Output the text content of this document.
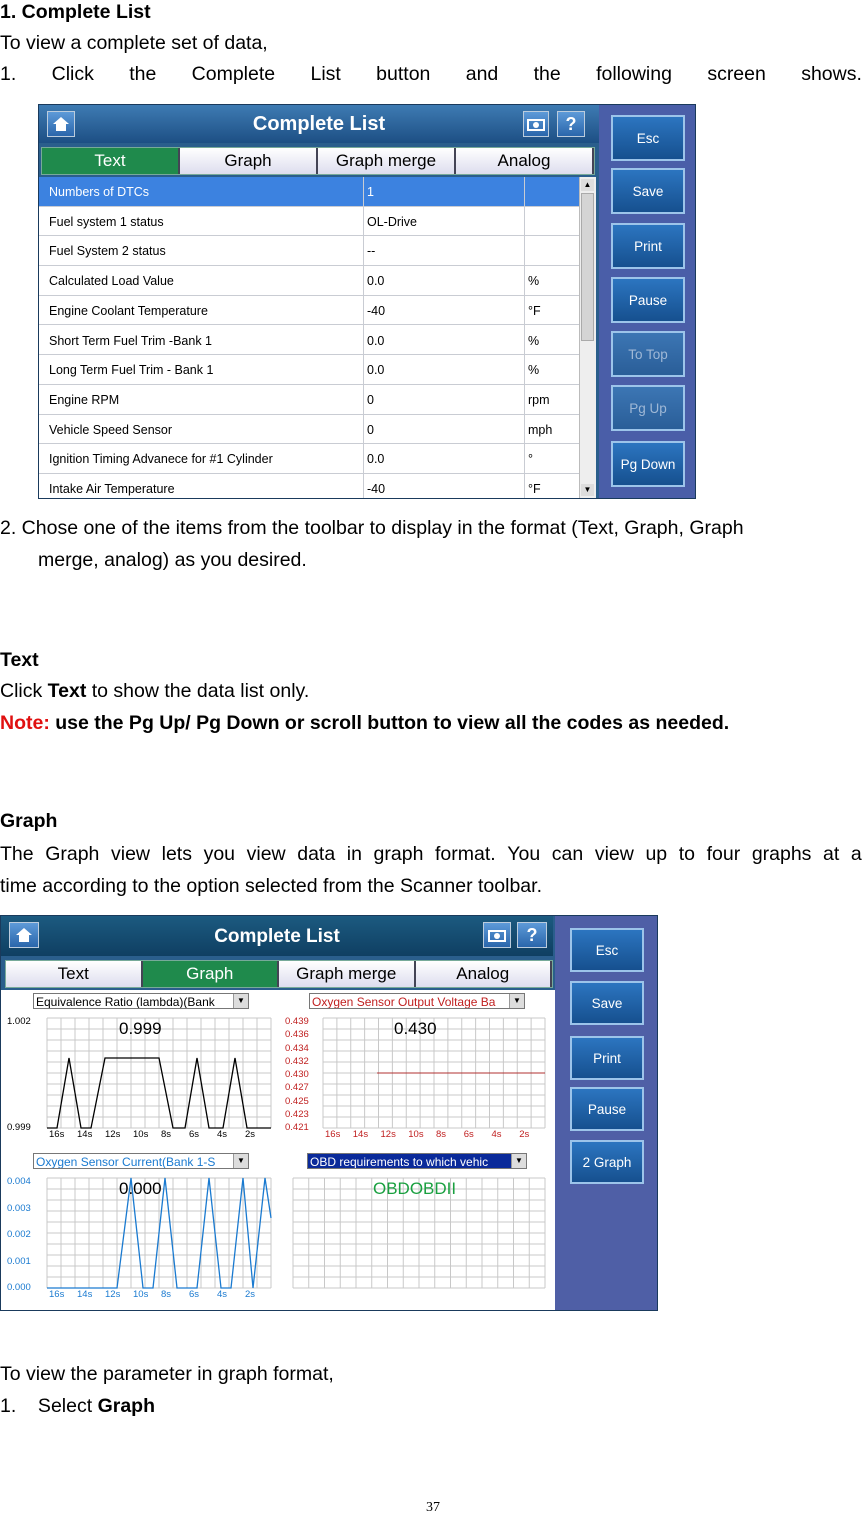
1. Complete List
To view a complete set of data,
1. Click the Complete List button and the following screen shows.
Complete List	?
Text	Graph	Graph merge	Analog
Numbers of DTCs	1
Fuel system 1 status	OL-Drive
Fuel System 2 status	--
Calculated Load Value	0.0	%
Engine Coolant Temperature	-40	°F
Short Term Fuel Trim -Bank 1	0.0	%
Long Term Fuel Trim - Bank 1	0.0	%
Engine RPM	0	rpm
Vehicle Speed Sensor	0	mph
Ignition Timing Advanece for #1 Cylinder	0.0	°
Intake Air Temperature	-40	°F
▲
▼
Esc
Save
Print
Pause
To Top
Pg Up
Pg Down
2. Chose one of the items from the toolbar to display in the format (Text, Graph, Graph
merge, analog) as you desired.
Text
Click Text to show the data list only.
Note: use the Pg Up/ Pg Down or scroll button to view all the codes as needed.
Graph
The Graph view lets you view data in graph format. You can view up to four graphs at a
time according to the option selected from the Scanner toolbar.
Complete List	?
Text	Graph	Graph merge	Analog
Equivalence Ratio (lambda)(Bank	▼
0.999
1.002
0.999
16s 14s 12s 10s 8s 6s 4s 2s
Oxygen Sensor Output Voltage Ba	▼
0.430
0.439
0.436
0.434
0.432
0.430
0.427
0.425
0.423
0.421
16s 14s 12s 10s 8s 6s 4s 2s
Oxygen Sensor Current(Bank 1-S	▼
0.000
0.004
0.003
0.002
0.001
0.000
16s 14s 12s 10s 8s 6s 4s 2s
OBD requirements to which vehic	▼
OBDOBDII
Esc
Save
Print
Pause
2 Graph
To view the parameter in graph format,
1.    Select Graph
37
